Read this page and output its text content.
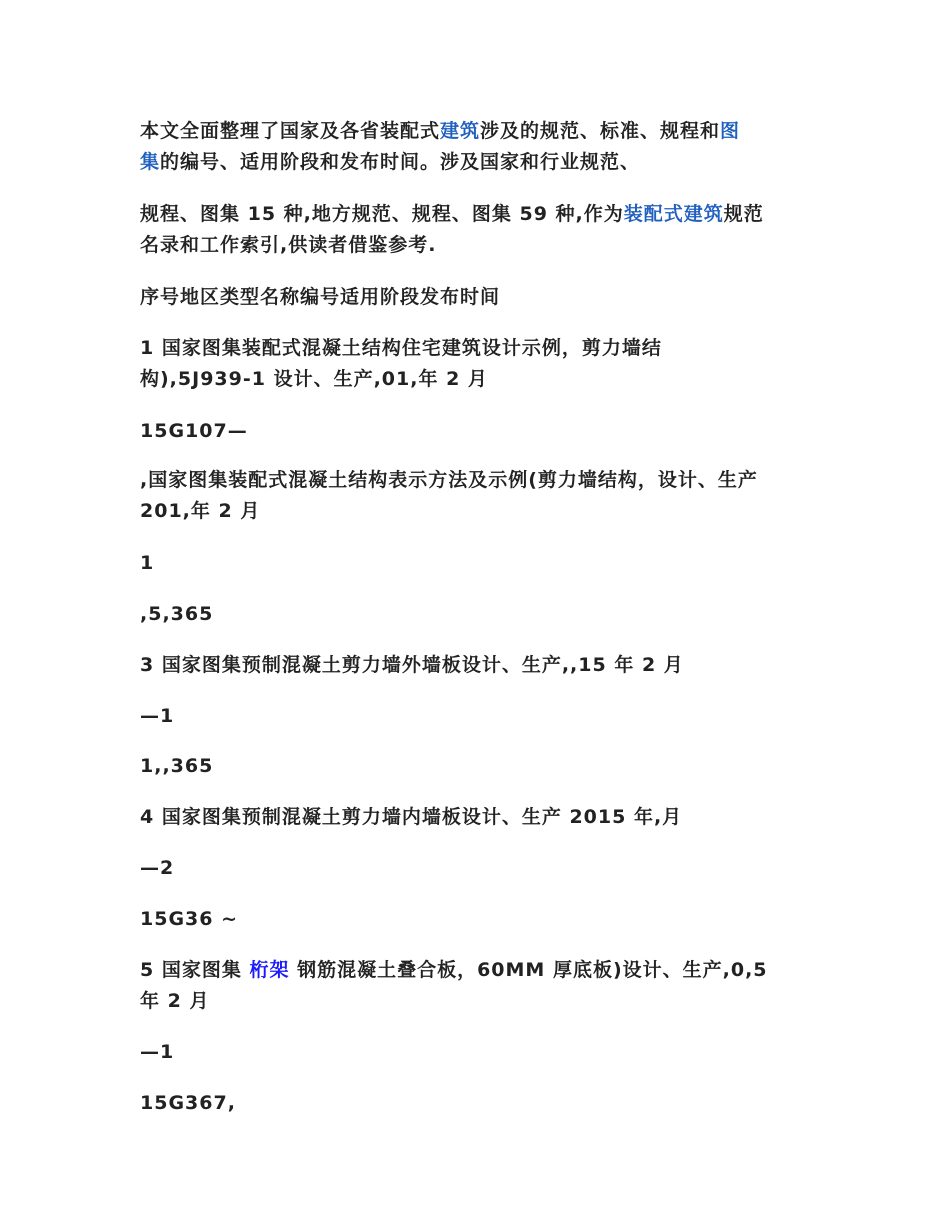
本文全面整理了国家及各省装配式建筑涉及的规范、标准、规程和图
集的编号、适用阶段和发布时间。涉及国家和行业规范、

规程、图集 15 种,地方规范、规程、图集 59 种,作为装配式建筑规范
名录和工作索引,供读者借鉴参考.

序号地区类型名称编号适用阶段发布时间

1 国家图集装配式混凝土结构住宅建筑设计示例，剪力墙结
构),5J939-1 设计、生产,01,年 2 月

15G107—

,国家图集装配式混凝土结构表示方法及示例(剪力墙结构，设计、生产
201,年 2 月

1

,5,365

3 国家图集预制混凝土剪力墙外墙板设计、生产,,15 年 2 月

—1

1,,365

4 国家图集预制混凝土剪力墙内墙板设计、生产 2015 年,月

—2

15G36 ~

5 国家图集 桁架 钢筋混凝土叠合板，60MM 厚底板)设计、生产,0,5
年 2 月

—1

15G367,
